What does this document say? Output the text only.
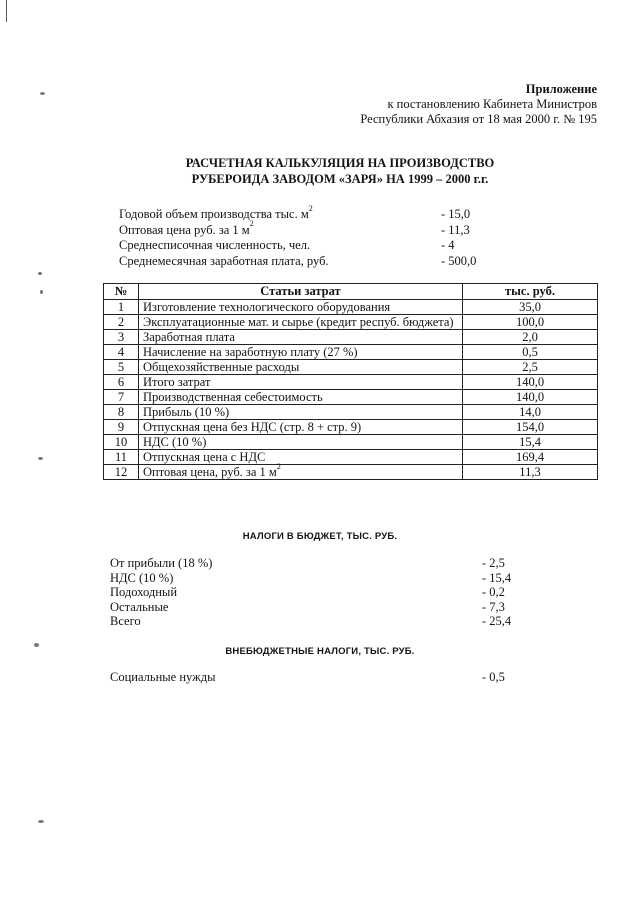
Приложение
к постановлению Кабинета Министров
Республики Абхазия от 18 мая 2000 г. № 195
РАСЧЕТНАЯ КАЛЬКУЛЯЦИЯ НА ПРОИЗВОДСТВО
РУБЕРОИДА ЗАВОДОМ «ЗАРЯ» НА 1999 – 2000 г.г.
Годовой объем производства тыс. $м^2$	- 15,0
Оптовая цена руб. за 1 $м^2$	- 11,3
Среднесписочная численность, чел.	- 4
Среднемесячная заработная плата, руб.	- 500,0
№	Статьи затрат	тыс. руб.
1	Изготовление технологического оборудования	35,0
2	Эксплуатационные мат. и сырье (кредит респуб. бюджета)	100,0
3	Заработная плата	2,0
4	Начисление на заработную плату (27 %)	0,5
5	Общехозяйственные расходы	2,5
6	Итого затрат	140,0
7	Производственная себестоимость	140,0
8	Прибыль (10 %)	14,0
9	Отпускная цена без НДС (стр. 8 + стр. 9)	154,0
10	НДС (10 %)	15,4
11	Отпускная цена с НДС	169,4
12	Оптовая цена, руб. за 1 $м^2$	11,3
НАЛОГИ В БЮДЖЕТ, ТЫС. РУБ.
От прибыли (18 %)	- 2,5
НДС (10 %)	- 15,4
Подоходный	- 0,2
Остальные	- 7,3
Всего	- 25,4
ВНЕБЮДЖЕТНЫЕ НАЛОГИ, ТЫС. РУБ.
Социальные нужды	- 0,5
